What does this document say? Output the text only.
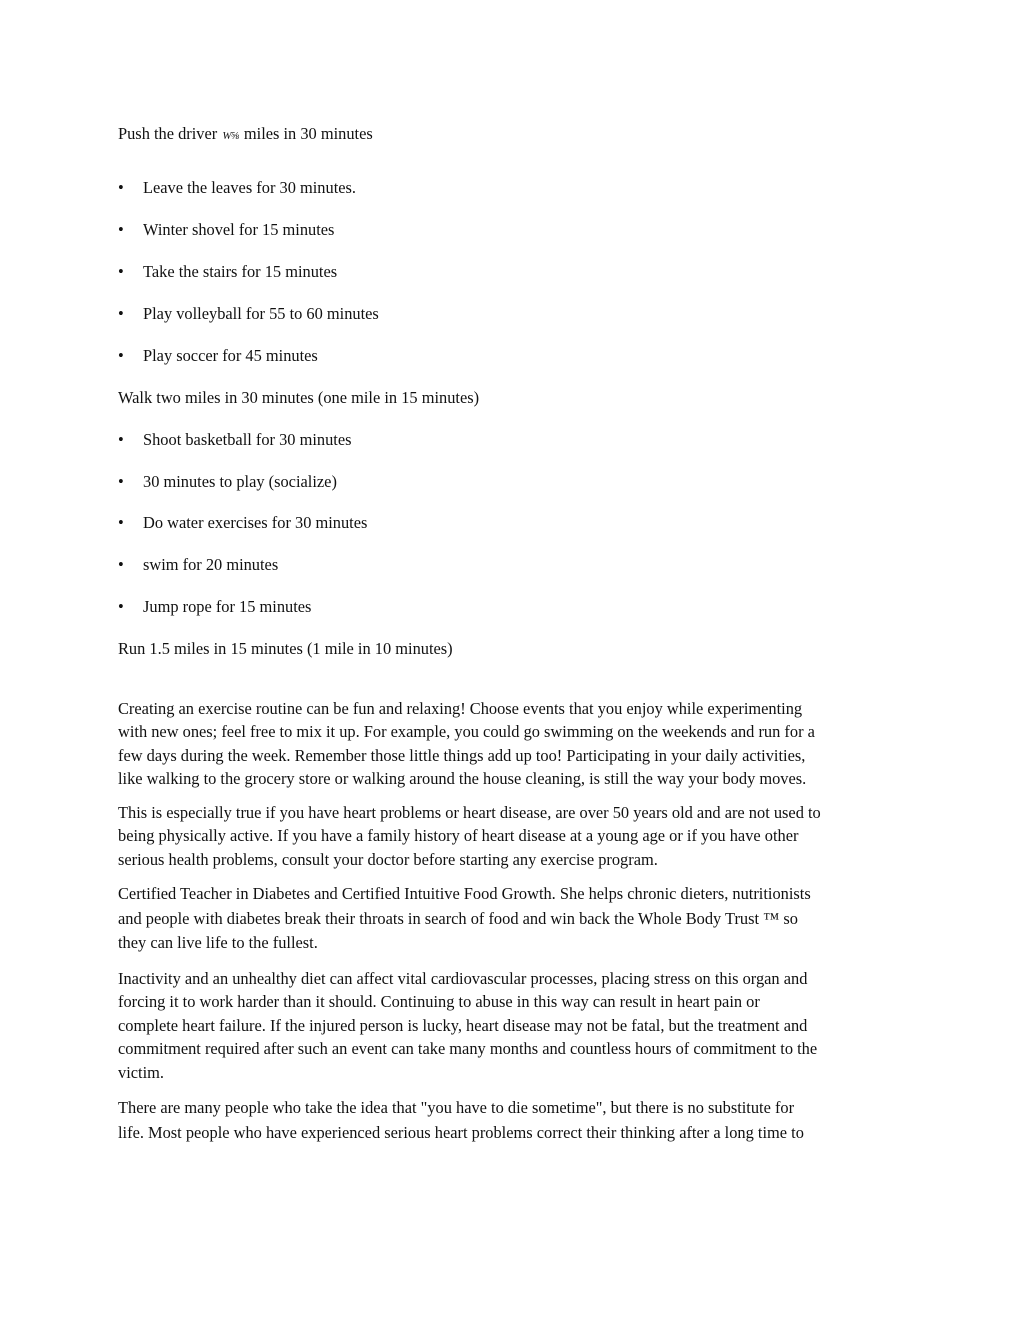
Push the driver W⅝ miles in 30 minutes
• Leave the leaves for 30 minutes.
• Winter shovel for 15 minutes
• Take the stairs for 15 minutes
• Play volleyball for 55 to 60 minutes
• Play soccer for 45 minutes
Walk two miles in 30 minutes (one mile in 15 minutes)
• Shoot basketball for 30 minutes
• 30 minutes to play (socialize)
• Do water exercises for 30 minutes
• swim for 20 minutes
• Jump rope for 15 minutes
Run 1.5 miles in 15 minutes (1 mile in 10 minutes)
Creating an exercise routine can be fun and relaxing! Choose events that you enjoy while experimenting
with new ones; feel free to mix it up. For example, you could go swimming on the weekends and run for a
few days during the week. Remember those little things add up too! Participating in your daily activities,
like walking to the grocery store or walking around the house cleaning, is still the way your body moves.
This is especially true if you have heart problems or heart disease, are over 50 years old and are not used to
being physically active. If you have a family history of heart disease at a young age or if you have other
serious health problems, consult your doctor before starting any exercise program.
Certified Teacher in Diabetes and Certified Intuitive Food Growth. She helps chronic dieters, nutritionists
and people with diabetes break their throats in search of food and win back the Whole Body Trust ™ so
they can live life to the fullest.
Inactivity and an unhealthy diet can affect vital cardiovascular processes, placing stress on this organ and
forcing it to work harder than it should. Continuing to abuse in this way can result in heart pain or
complete heart failure. If the injured person is lucky, heart disease may not be fatal, but the treatment and
commitment required after such an event can take many months and countless hours of commitment to the
victim.
There are many people who take the idea that "you have to die sometime", but there is no substitute for
life. Most people who have experienced serious heart problems correct their thinking after a long time to
